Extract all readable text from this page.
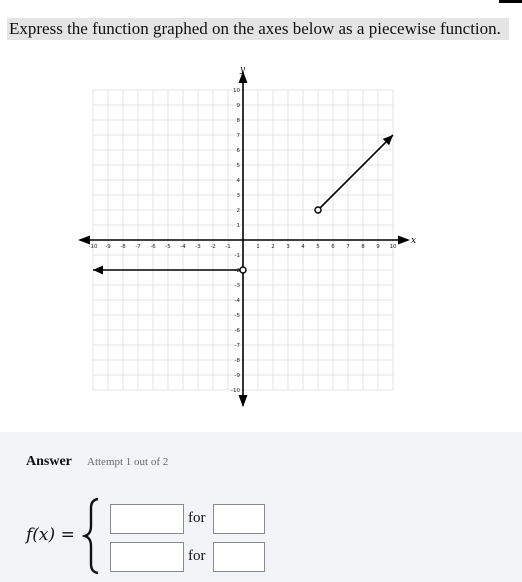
Express the function graphed on the axes below as a piecewise function.
x
y
-10 -9 -8 -7 -6 -5 -4 -3 -2 -1	1 2 3 4 5 6 7 8 9 10
10
9
8
7
6
5
4
3
2
1
-1
-2
-3
-4
-5
-6
-7
-8
-9
-10
Answer Attempt 1 out of 2
f(x) =
for
for
